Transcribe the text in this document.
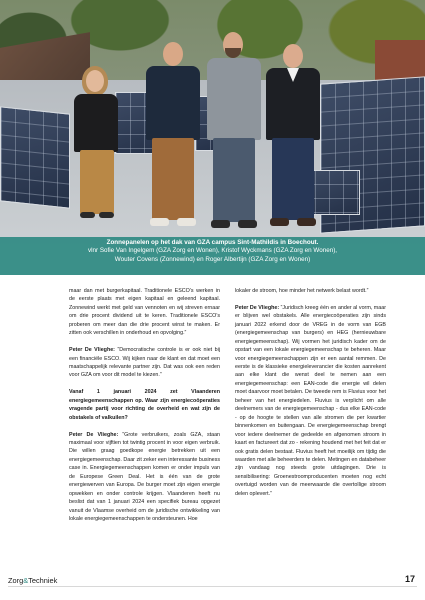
Zonnepanelen op het dak van GZA campus Sint-Mathildis in Boechout.
vlnr Sofie Van Ingelgem (GZA Zorg en Wonen), Kristof Wyckmans (GZA Zorg en Wonen),
Wouter Covens (Zonnewind) en Roger Albertijn (GZA Zorg en Wonen)

maar dan met burgerkapitaal. Traditionele ESCO’s werken in de eerste plaats met eigen kapitaal en geleend kapitaal. Zonnewind werkt met geld van vennoten en wij streven ernaar om drie procent dividend uit te keren. Traditionele ESCO’s proberen om meer dan die drie procent winst te maken. Er zitten ook verschillen in onderhoud en opvolging.”

Peter De Vlieghe: “Democratische controle is er ook niet bij een financiële ESCO. Wij kijken naar de klant en dat moet een maatschappelijk relevante partner zijn. Dat was ook een reden voor GZA om voor dit model te kiezen.”

Vanaf 1 januari 2024 zet Vlaanderen energiegemeenschappen op. Waar zijn energiecoöperaties vragende partij voor richting de overheid en wat zijn de obstakels of valkuilen?

Peter De Vlieghe: “Grote verbruikers, zoals GZA, staan maximaal voor vijftien tot twintig procent in voor eigen verbruik. Die willen graag goedkope energie betrekken uit een energiegemeenschap. Daar zit zeker een interessante business case in. Energiegemeenschappen komen er onder impuls van de Europese Green Deal. Het is één van de grote energiewerven van Europa. De burger moet zijn eigen energie opwekken en onder controle krijgen. Vlaanderen heeft nu beslist dat van 1 januari 2024 een specifiek bureau opgezet vanuit de Vlaamse overheid om de juridische ontwikkeling van lokale energiegemeenschappen te ondersteunen. Hoe

lokaler de stroom, hoe minder het netwerk belast wordt.”

Peter De Vlieghe: “Juridisch kreeg één en ander al vorm, maar er blijven wel obstakels. Alle energiecoöperaties zijn sinds januari 2022 erkend door de VREG in de vorm van EGB (energiegemeenschap van burgers) en HEG (hernieuwbare energiegemeenschap). Wij vormen het juridisch kader om de opstart van een lokale energiegemeenschap te beheren. Maar voor energiegemeenschappen zijn er een aantal remmen. De eerste is de klassieke energieleverancier die kosten aanrekent aan elke klant die wenst deel te nemen aan een energiegemeenschap: een EAN-code die energie wil delen moet daarvoor moet betalen. De tweede rem is Fluvius voor het beheer van het energiedelen. Fluvius is verplicht om alle deelnemers van de energiegemeenschap - dus elke EAN-code - op de hoogte te stellen van alle stromen die per kwartier binnenkomen en buitengaan. De energiegemeenschap brengt voor iedere deelnemer de gedeelde en afgenomen stroom in kaart en factureert dat zo - rekening houdend met het feit dat er ook gratis delen bestaat. Fluvius heeft het moeilijk om tijdig die waarden met alle beheerders te delen. Metingen en databeheer zijn vandaag nog steeds grote uitdagingen. Drie is sensibilisering: Groenestroomproducenten moeten nog echt overtuigd worden van de meerwaarde die overtollige stroom delen oplevert.”

Zorg&Techniek	17
